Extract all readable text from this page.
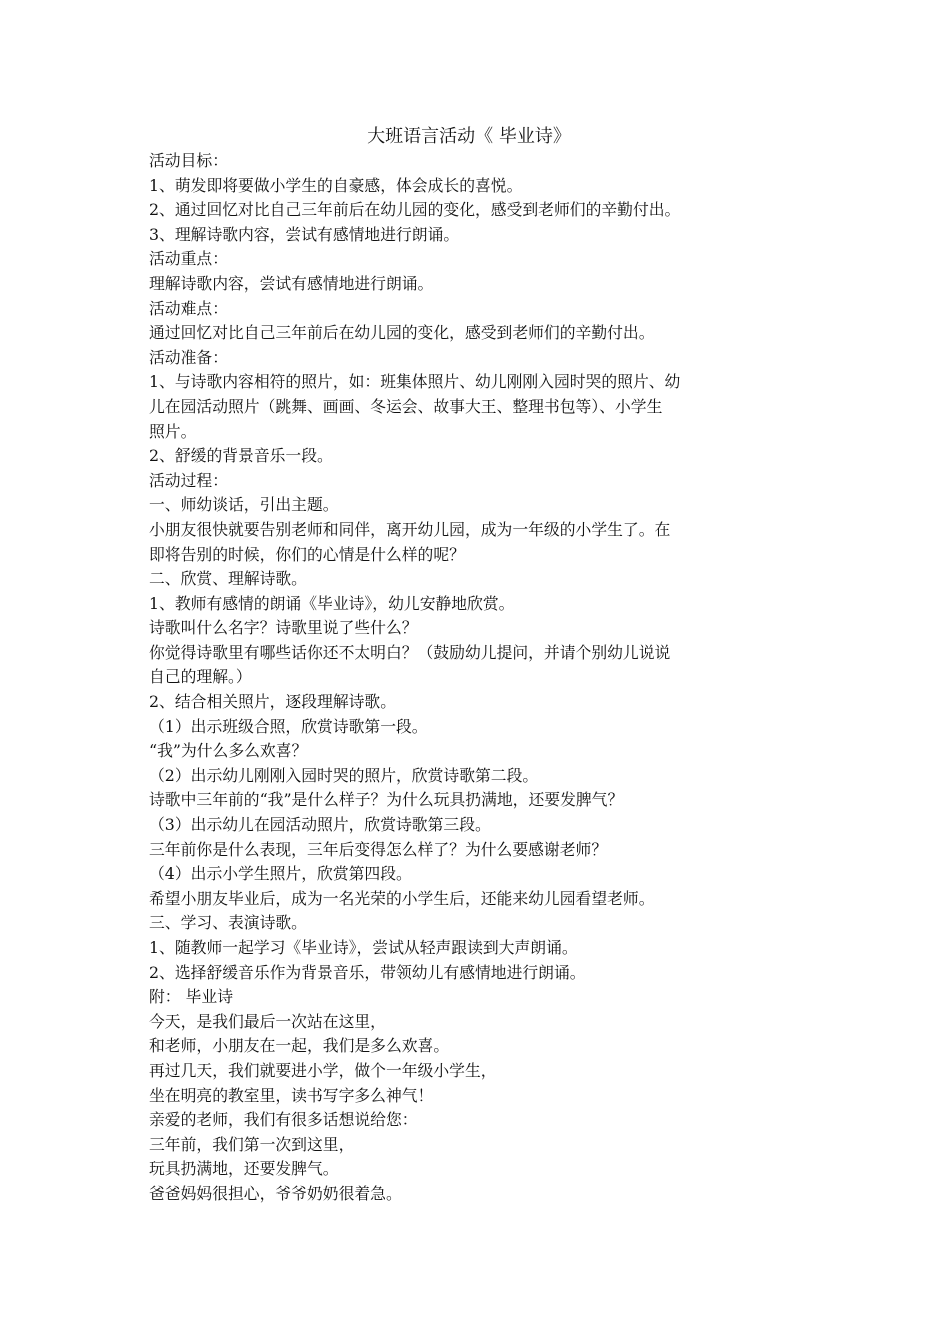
大班语言活动《 毕业诗》
活动目标：
1、萌发即将要做小学生的自豪感，体会成长的喜悦。
2、通过回忆对比自己三年前后在幼儿园的变化，感受到老师们的辛勤付出。
3、理解诗歌内容，尝试有感情地进行朗诵。
活动重点：
理解诗歌内容，尝试有感情地进行朗诵。
活动难点：
通过回忆对比自己三年前后在幼儿园的变化，感受到老师们的辛勤付出。
活动准备：
1、与诗歌内容相符的照片，如：班集体照片、幼儿刚刚入园时哭的照片、幼
儿在园活动照片（跳舞、画画、冬运会、故事大王、整理书包等）、小学生
照片。
2、舒缓的背景音乐一段。
活动过程：
一、师幼谈话，引出主题。
小朋友很快就要告别老师和同伴，离开幼儿园，成为一年级的小学生了。在
即将告别的时候，你们的心情是什么样的呢？
二、欣赏、理解诗歌。
1、教师有感情的朗诵《毕业诗》，幼儿安静地欣赏。
诗歌叫什么名字？诗歌里说了些什么？
你觉得诗歌里有哪些话你还不太明白？（鼓励幼儿提问，并请个别幼儿说说
自己的理解。）
2、结合相关照片，逐段理解诗歌。
（1）出示班级合照，欣赏诗歌第一段。
“我”为什么多么欢喜？
（2）出示幼儿刚刚入园时哭的照片，欣赏诗歌第二段。
诗歌中三年前的“我”是什么样子？为什么玩具扔满地，还要发脾气？
（3）出示幼儿在园活动照片，欣赏诗歌第三段。
三年前你是什么表现，三年后变得怎么样了？为什么要感谢老师？
（4）出示小学生照片，欣赏第四段。
希望小朋友毕业后，成为一名光荣的小学生后，还能来幼儿园看望老师。
三、学习、表演诗歌。
1、随教师一起学习《毕业诗》，尝试从轻声跟读到大声朗诵。
2、选择舒缓音乐作为背景音乐，带领幼儿有感情地进行朗诵。
附： 毕业诗
今天，是我们最后一次站在这里，
和老师，小朋友在一起，我们是多么欢喜。
再过几天，我们就要进小学，做个一年级小学生，
坐在明亮的教室里，读书写字多么神气！
亲爱的老师，我们有很多话想说给您：
三年前，我们第一次到这里，
玩具扔满地，还要发脾气。
爸爸妈妈很担心，爷爷奶奶很着急。
